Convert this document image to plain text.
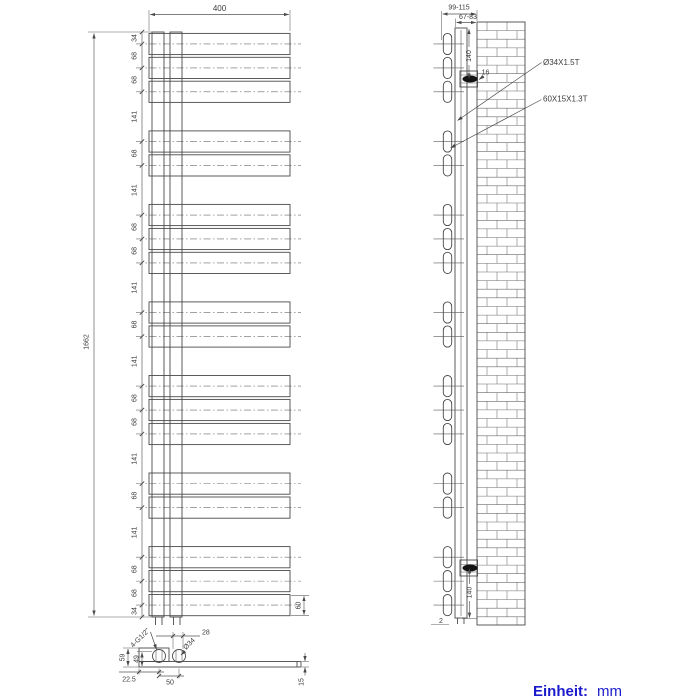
400
1662
34
68
68
141
68
141
68
68
141
68
141
68
68
141
68
141
68
68
34
60
28
4-G1/2"	Ø34
59 49
22.5	50	15
99-115
67-83
140
140
16
2
Ø34X1.5T
60X15X1.3T
Einheit: mm
